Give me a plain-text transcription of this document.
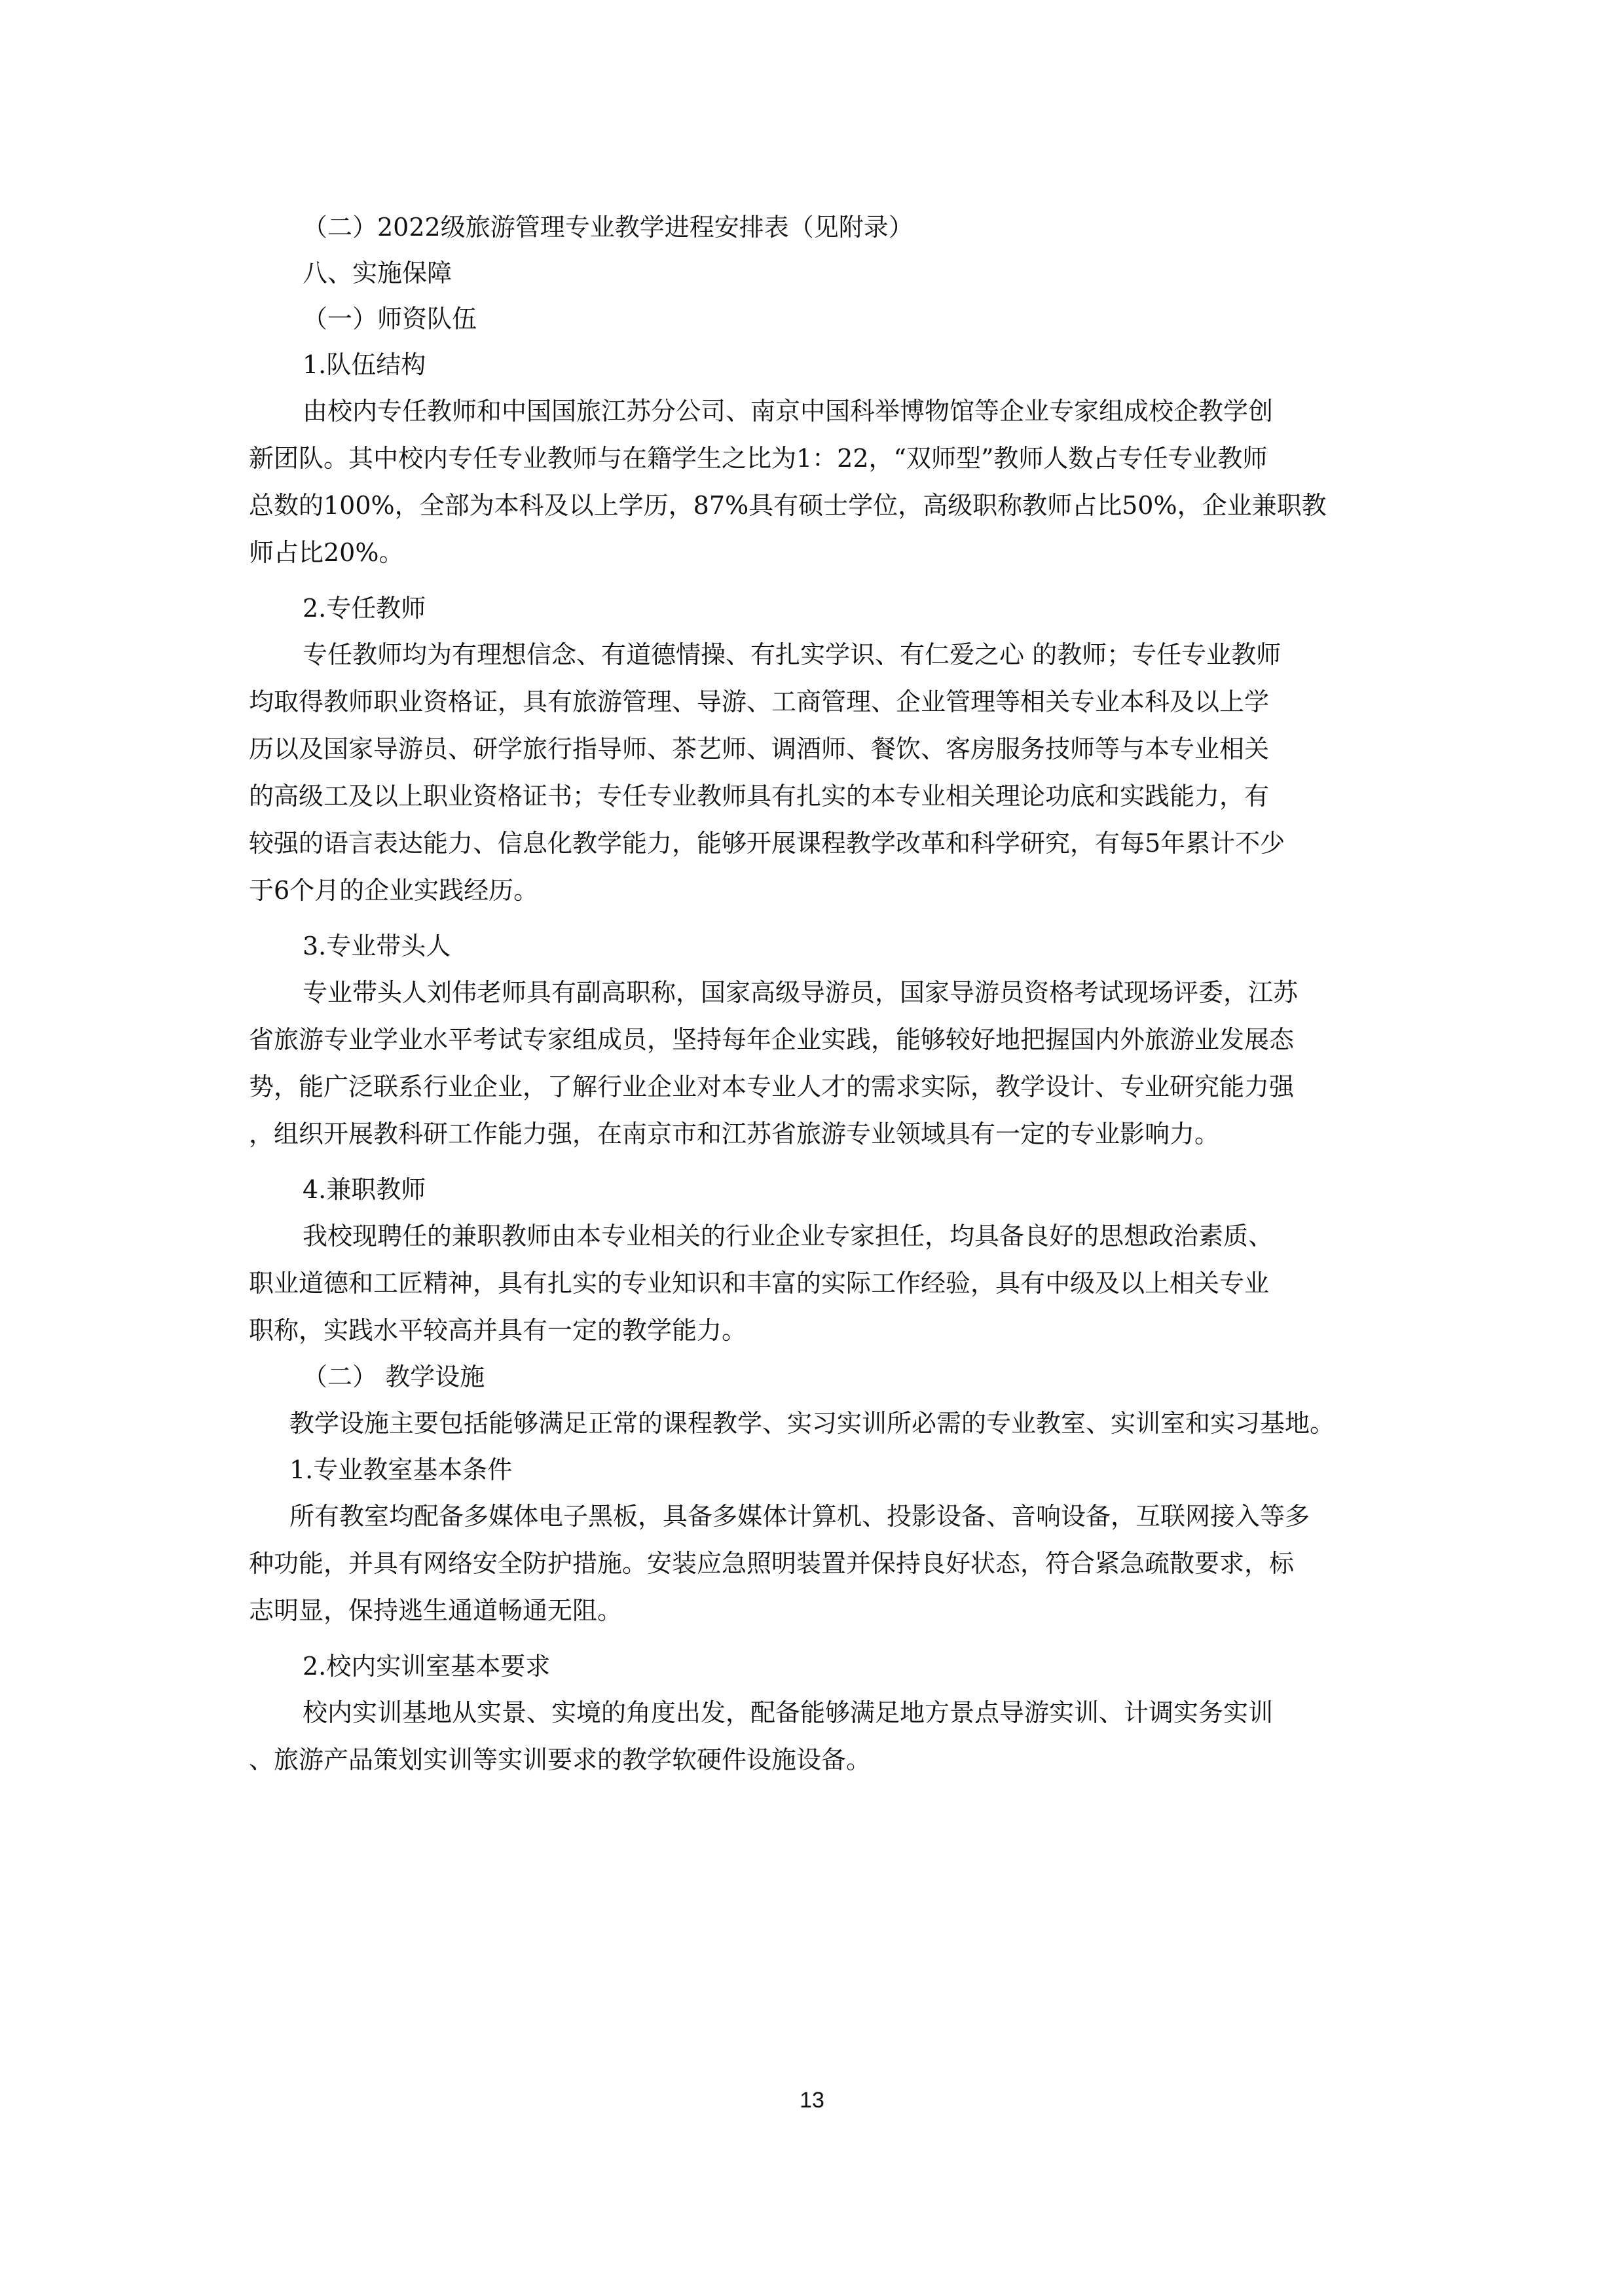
（二）2022级旅游管理专业教学进程安排表（见附录）

八、实施保障

（一）师资队伍

1.队伍结构

由校内专任教师和中国国旅江苏分公司、南京中国科举博物馆等企业专家组成校企教学创
新团队。其中校内专任专业教师与在籍学生之比为1：22，“双师型”教师人数占专任专业教师
总数的100%，全部为本科及以上学历，87%具有硕士学位，高级职称教师占比50%，企业兼职教
师占比20%。

2.专任教师

专任教师均为有理想信念、有道德情操、有扎实学识、有仁爱之心 的教师；专任专业教师
均取得教师职业资格证，具有旅游管理、导游、工商管理、企业管理等相关专业本科及以上学
历以及国家导游员、研学旅行指导师、茶艺师、调酒师、餐饮、客房服务技师等与本专业相关
的高级工及以上职业资格证书；专任专业教师具有扎实的本专业相关理论功底和实践能力，有
较强的语言表达能力、信息化教学能力，能够开展课程教学改革和科学研究，有每5年累计不少
于6个月的企业实践经历。

3.专业带头人

专业带头人刘伟老师具有副高职称，国家高级导游员，国家导游员资格考试现场评委，江苏
省旅游专业学业水平考试专家组成员，坚持每年企业实践，能够较好地把握国内外旅游业发展态
势，能广泛联系行业企业，了解行业企业对本专业人才的需求实际，教学设计、专业研究能力强
，组织开展教科研工作能力强，在南京市和江苏省旅游专业领域具有一定的专业影响力。

4.兼职教师

我校现聘任的兼职教师由本专业相关的行业企业专家担任，均具备良好的思想政治素质、
职业道德和工匠精神，具有扎实的专业知识和丰富的实际工作经验，具有中级及以上相关专业
职称，实践水平较高并具有一定的教学能力。

（二） 教学设施

教学设施主要包括能够满足正常的课程教学、实习实训所必需的专业教室、实训室和实习基地。

1.专业教室基本条件

所有教室均配备多媒体电子黑板，具备多媒体计算机、投影设备、音响设备，互联网接入等多
种功能，并具有网络安全防护措施。安装应急照明装置并保持良好状态，符合紧急疏散要求，标
志明显，保持逃生通道畅通无阻。

2.校内实训室基本要求

校内实训基地从实景、实境的角度出发，配备能够满足地方景点导游实训、计调实务实训
、旅游产品策划实训等实训要求的教学软硬件设施设备。
13
